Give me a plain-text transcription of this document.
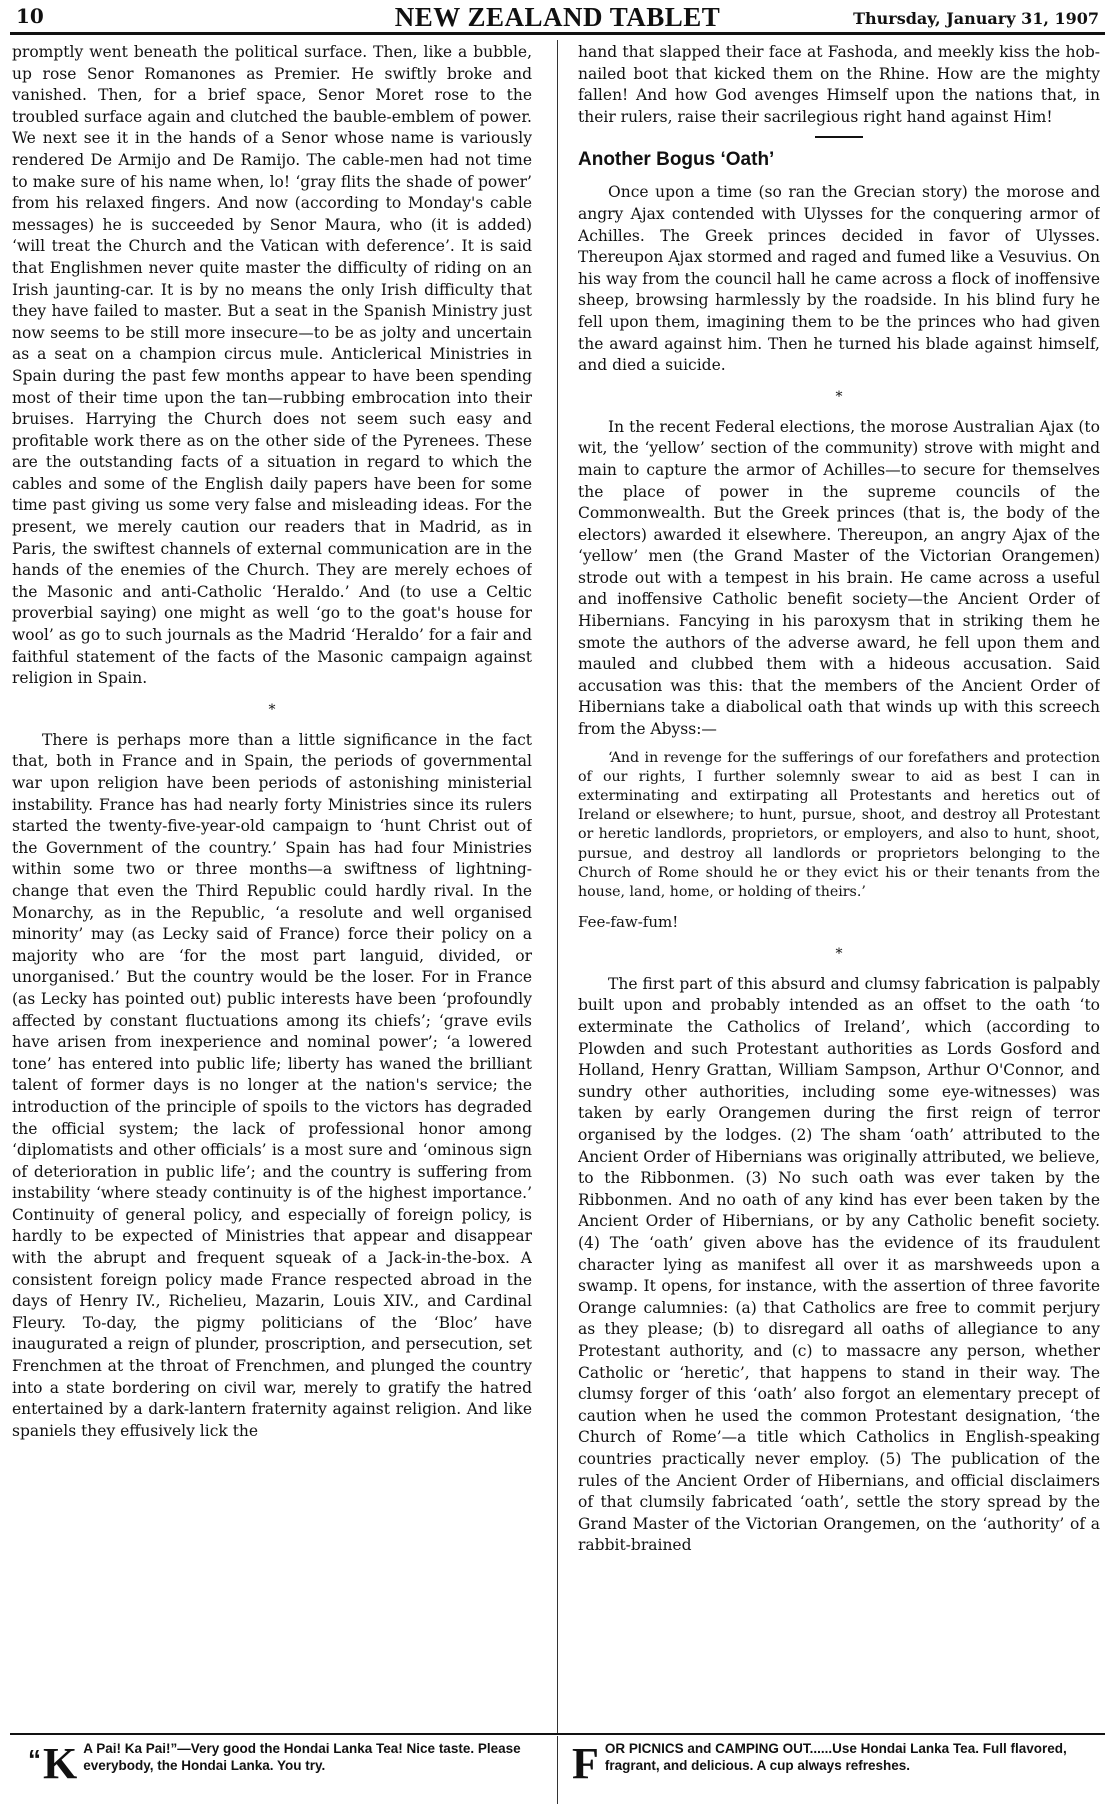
10	NEW ZEALAND TABLET	Thursday, January 31, 1907

promptly went beneath the political surface. Then, like a bubble, up rose Senor Romanones as Premier. He swiftly broke and vanished. Then, for a brief space, Senor Moret rose to the troubled surface again and clutched the bauble-emblem of power. We next see it in the hands of a Senor whose name is variously rendered De Armijo and De Ramijo. The cable-men had not time to make sure of his name when, lo! ‘gray flits the shade of power’ from his relaxed fingers. And now (according to Monday's cable messages) he is succeeded by Senor Maura, who (it is added) ‘will treat the Church and the Vatican with deference’. It is said that Englishmen never quite master the difficulty of riding on an Irish jaunting-car. It is by no means the only Irish difficulty that they have failed to master. But a seat in the Spanish Ministry just now seems to be still more insecure—to be as jolty and uncertain as a seat on a champion circus mule. Anticlerical Ministries in Spain during the past few months appear to have been spending most of their time upon the tan—rubbing embrocation into their bruises. Harrying the Church does not seem such easy and profitable work there as on the other side of the Pyrenees. These are the outstanding facts of a situation in regard to which the cables and some of the English daily papers have been for some time past giving us some very false and misleading ideas. For the present, we merely caution our readers that in Madrid, as in Paris, the swiftest channels of external communication are in the hands of the enemies of the Church. They are merely echoes of the Masonic and anti-Catholic ‘Heraldo.’ And (to use a Celtic proverbial saying) one might as well ‘go to the goat's house for wool’ as go to such journals as the Madrid ‘Heraldo’ for a fair and faithful statement of the facts of the Masonic campaign against religion in Spain.

*

There is perhaps more than a little significance in the fact that, both in France and in Spain, the periods of governmental war upon religion have been periods of astonishing ministerial instability. France has had nearly forty Ministries since its rulers started the twenty-five-year-old campaign to ‘hunt Christ out of the Government of the country.’ Spain has had four Ministries within some two or three months—a swiftness of lightning-change that even the Third Republic could hardly rival. In the Monarchy, as in the Republic, ‘a resolute and well organised minority’ may (as Lecky said of France) force their policy on a majority who are ‘for the most part languid, divided, or unorganised.’ But the country would be the loser. For in France (as Lecky has pointed out) public interests have been ‘profoundly affected by constant fluctuations among its chiefs’; ‘grave evils have arisen from inexperience and nominal power’; ‘a lowered tone’ has entered into public life; liberty has waned the brilliant talent of former days is no longer at the nation's service; the introduction of the principle of spoils to the victors has degraded the official system; the lack of professional honor among ‘diplomatists and other officials’ is a most sure and ‘ominous sign of deterioration in public life’; and the country is suffering from instability ‘where steady continuity is of the highest importance.’ Continuity of general policy, and especially of foreign policy, is hardly to be expected of Ministries that appear and disappear with the abrupt and frequent squeak of a Jack-in-the-box. A consistent foreign policy made France respected abroad in the days of Henry IV., Richelieu, Mazarin, Louis XIV., and Cardinal Fleury. To-day, the pigmy politicians of the ‘Bloc’ have inaugurated a reign of plunder, proscription, and persecution, set Frenchmen at the throat of Frenchmen, and plunged the country into a state bordering on civil war, merely to gratify the hatred entertained by a dark-lantern fraternity against religion. And like spaniels they effusively lick the

hand that slapped their face at Fashoda, and meekly kiss the hob-nailed boot that kicked them on the Rhine. How are the mighty fallen! And how God avenges Himself upon the nations that, in their rulers, raise their sacrilegious right hand against Him!

Another Bogus ‘Oath’

Once upon a time (so ran the Grecian story) the morose and angry Ajax contended with Ulysses for the conquering armor of Achilles. The Greek princes decided in favor of Ulysses. Thereupon Ajax stormed and raged and fumed like a Vesuvius. On his way from the council hall he came across a flock of inoffensive sheep, browsing harmlessly by the roadside. In his blind fury he fell upon them, imagining them to be the princes who had given the award against him. Then he turned his blade against himself, and died a suicide.

*

In the recent Federal elections, the morose Australian Ajax (to wit, the ‘yellow’ section of the community) strove with might and main to capture the armor of Achilles—to secure for themselves the place of power in the supreme councils of the Commonwealth. But the Greek princes (that is, the body of the electors) awarded it elsewhere. Thereupon, an angry Ajax of the ‘yellow’ men (the Grand Master of the Victorian Orangemen) strode out with a tempest in his brain. He came across a useful and inoffensive Catholic benefit society—the Ancient Order of Hibernians. Fancying in his paroxysm that in striking them he smote the authors of the adverse award, he fell upon them and mauled and clubbed them with a hideous accusation. Said accusation was this: that the members of the Ancient Order of Hibernians take a diabolical oath that winds up with this screech from the Abyss:—

‘And in revenge for the sufferings of our forefathers and protection of our rights, I further solemnly swear to aid as best I can in exterminating and extirpating all Protestants and heretics out of Ireland or elsewhere; to hunt, pursue, shoot, and destroy all Protestant or heretic landlords, proprietors, or employers, and also to hunt, shoot, pursue, and destroy all landlords or proprietors belonging to the Church of Rome should he or they evict his or their tenants from the house, land, home, or holding of theirs.’

Fee-faw-fum!

*

The first part of this absurd and clumsy fabrication is palpably built upon and probably intended as an offset to the oath ‘to exterminate the Catholics of Ireland’, which (according to Plowden and such Protestant authorities as Lords Gosford and Holland, Henry Grattan, William Sampson, Arthur O'Connor, and sundry other authorities, including some eye-witnesses) was taken by early Orangemen during the first reign of terror organised by the lodges. (2) The sham ‘oath’ attributed to the Ancient Order of Hibernians was originally attributed, we believe, to the Ribbonmen. (3) No such oath was ever taken by the Ribbonmen. And no oath of any kind has ever been taken by the Ancient Order of Hibernians, or by any Catholic benefit society. (4) The ‘oath’ given above has the evidence of its fraudulent character lying as manifest all over it as marshweeds upon a swamp. It opens, for instance, with the assertion of three favorite Orange calumnies: (a) that Catholics are free to commit perjury as they please; (b) to disregard all oaths of allegiance to any Protestant authority, and (c) to massacre any person, whether Catholic or ‘heretic’, that happens to stand in their way. The clumsy forger of this ‘oath’ also forgot an elementary precept of caution when he used the common Protestant designation, ‘the Church of Rome’—a title which Catholics in English-speaking countries practically never employ. (5) The publication of the rules of the Ancient Order of Hibernians, and official disclaimers of that clumsily fabricated ‘oath’, settle the story spread by the Grand Master of the Victorian Orangemen, on the ‘authority’ of a rabbit-brained

“ K A Pai! Ka Pai!”—Very good the Hondai Lanka Tea! Nice taste. Please everybody, the Hondai Lanka. You try.	F OR PICNICS and CAMPING OUT......Use Hondai Lanka Tea. Full flavored, fragrant, and delicious. A cup always refreshes.
